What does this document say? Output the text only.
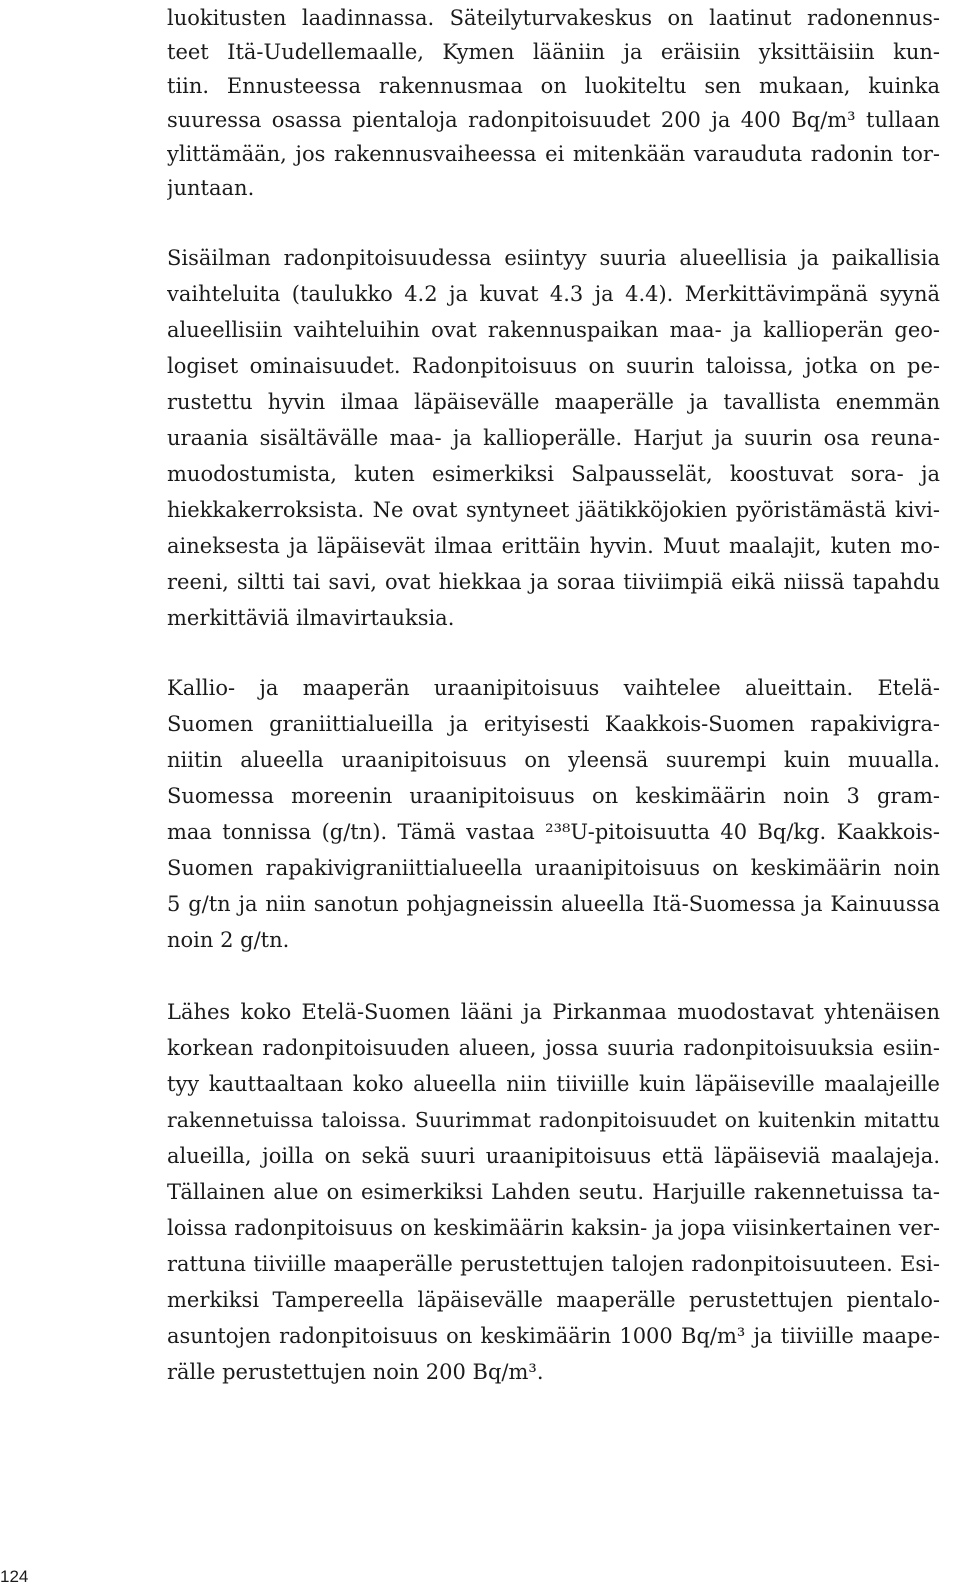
luokitusten laadinnassa. Säteilyturvakeskus on laatinut radonennus-
teet Itä-Uudellemaalle, Kymen lääniin ja eräisiin yksittäisiin kun-
tiin. Ennusteessa rakennusmaa on luokiteltu sen mukaan, kuinka
suuressa osassa pientaloja radonpitoisuudet 200 ja 400 Bq/m³ tullaan
ylittämään, jos rakennusvaiheessa ei mitenkään varauduta radonin tor-
juntaan.
Sisäilman radonpitoisuudessa esiintyy suuria alueellisia ja paikallisia
vaihteluita (taulukko 4.2 ja kuvat 4.3 ja 4.4). Merkittävimpänä syynä
alueellisiin vaihteluihin ovat rakennuspaikan maa- ja kallioperän geo-
logiset ominaisuudet. Radonpitoisuus on suurin taloissa, jotka on pe-
rustettu hyvin ilmaa läpäisevälle maaperälle ja tavallista enemmän
uraania sisältävälle maa- ja kallioperälle. Harjut ja suurin osa reuna-
muodostumista, kuten esimerkiksi Salpausselät, koostuvat sora- ja
hiekkakerroksista. Ne ovat syntyneet jäätikköjokien pyöristämästä kivi-
aineksesta ja läpäisevät ilmaa erittäin hyvin. Muut maalajit, kuten mo-
reeni, siltti tai savi, ovat hiekkaa ja soraa tiiviimpiä eikä niissä tapahdu
merkittäviä ilmavirtauksia.
Kallio- ja maaperän uraanipitoisuus vaihtelee alueittain. Etelä-
Suomen graniittialueilla ja erityisesti Kaakkois-Suomen rapakivigra-
niitin alueella uraanipitoisuus on yleensä suurempi kuin muualla.
Suomessa moreenin uraanipitoisuus on keskimäärin noin 3 gram-
maa tonnissa (g/tn). Tämä vastaa ²³⁸U-pitoisuutta 40 Bq/kg. Kaakkois-
Suomen rapakivigraniittialueella uraanipitoisuus on keskimäärin noin
5 g/tn ja niin sanotun pohjagneissin alueella Itä-Suomessa ja Kainuussa
noin 2 g/tn.
Lähes koko Etelä-Suomen lääni ja Pirkanmaa muodostavat yhtenäisen
korkean radonpitoisuuden alueen, jossa suuria radonpitoisuuksia esiin-
tyy kauttaaltaan koko alueella niin tiiviille kuin läpäiseville maalajeille
rakennetuissa taloissa. Suurimmat radonpitoisuudet on kuitenkin mitattu
alueilla, joilla on sekä suuri uraanipitoisuus että läpäiseviä maalajeja.
Tällainen alue on esimerkiksi Lahden seutu. Harjuille rakennetuissa ta-
loissa radonpitoisuus on keskimäärin kaksin- ja jopa viisinkertainen ver-
rattuna tiiviille maaperälle perustettujen talojen radonpitoisuuteen. Esi-
merkiksi Tampereella läpäisevälle maaperälle perustettujen pientalo-
asuntojen radonpitoisuus on keskimäärin 1000 Bq/m³ ja tiiviille maape-
rälle perustettujen noin 200 Bq/m³.
124
